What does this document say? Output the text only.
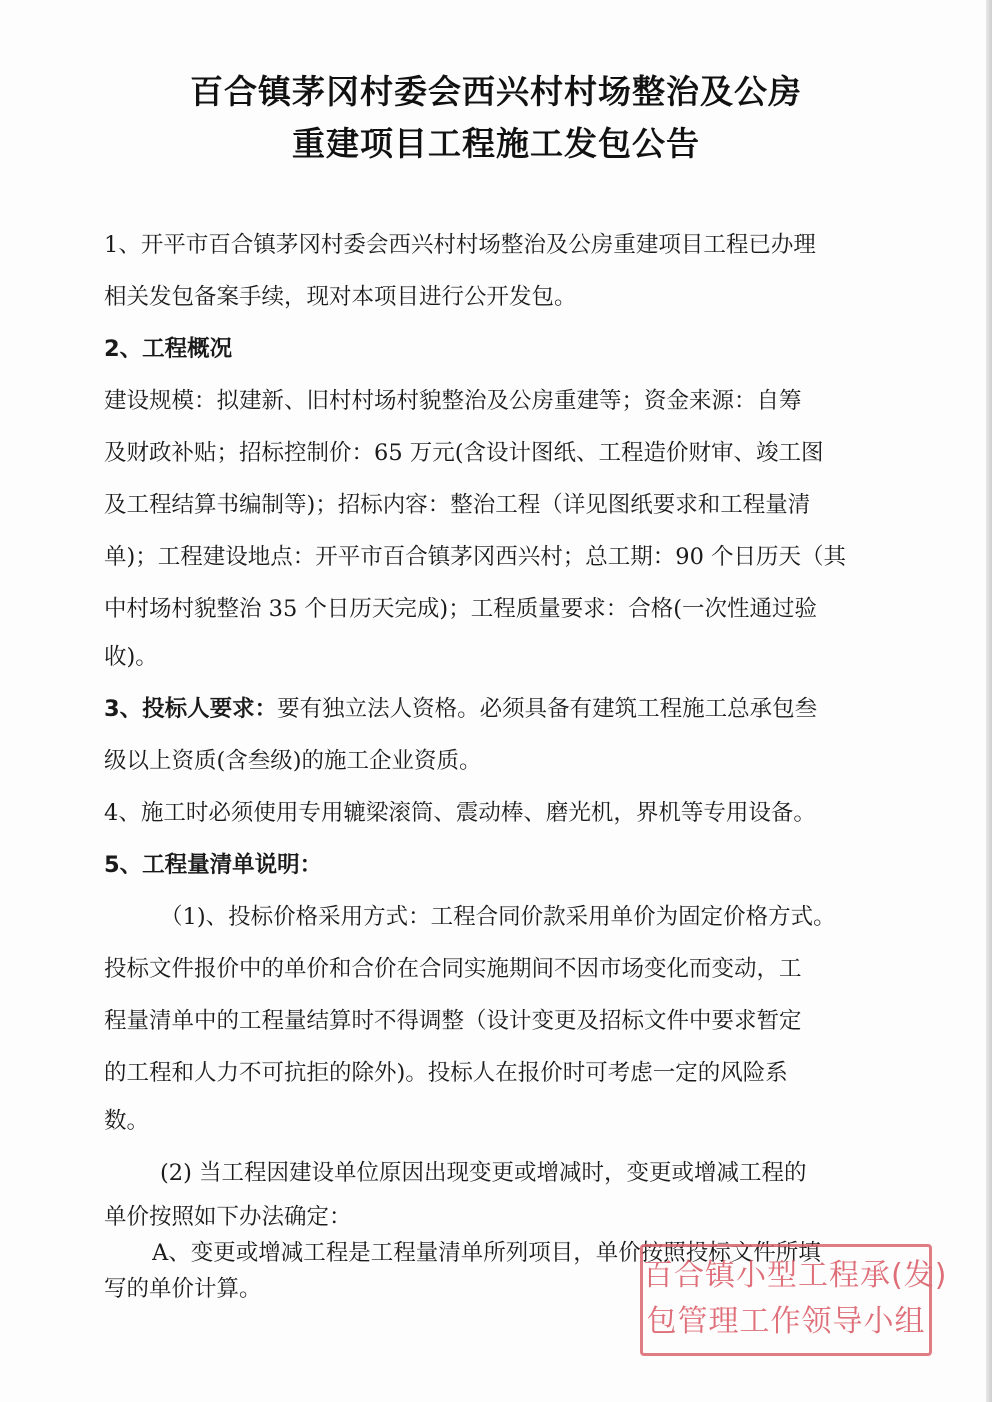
百合镇茅冈村委会西兴村村场整治及公房
重建项目工程施工发包公告
1、开平市百合镇茅冈村委会西兴村村场整治及公房重建项目工程已办理
相关发包备案手续，现对本项目进行公开发包。
2、工程概况
建设规模：拟建新、旧村村场村貌整治及公房重建等；资金来源：自筹
及财政补贴；招标控制价：65 万元(含设计图纸、工程造价财审、竣工图
及工程结算书编制等)；招标内容：整治工程（详见图纸要求和工程量清
单)；工程建设地点：开平市百合镇茅冈西兴村；总工期：90 个日历天（其
中村场村貌整治 35 个日历天完成)；工程质量要求：合格(一次性通过验
收)。
3、投标人要求：要有独立法人资格。必须具备有建筑工程施工总承包叁
级以上资质(含叁级)的施工企业资质。
4、施工时必须使用专用辘梁滚筒、震动棒、磨光机，界机等专用设备。
5、工程量清单说明：
（1)、投标价格采用方式：工程合同价款采用单价为固定价格方式。
投标文件报价中的单价和合价在合同实施期间不因市场变化而变动，工
程量清单中的工程量结算时不得调整（设计变更及招标文件中要求暂定
的工程和人力不可抗拒的除外)。投标人在报价时可考虑一定的风险系
数。
(2) 当工程因建设单位原因出现变更或增减时，变更或增减工程的
单价按照如下办法确定：
A、变更或增减工程是工程量清单所列项目，单价按照投标文件所填
写的单价计算。	百合镇小型工程承(发)
包管理工作领导小组
